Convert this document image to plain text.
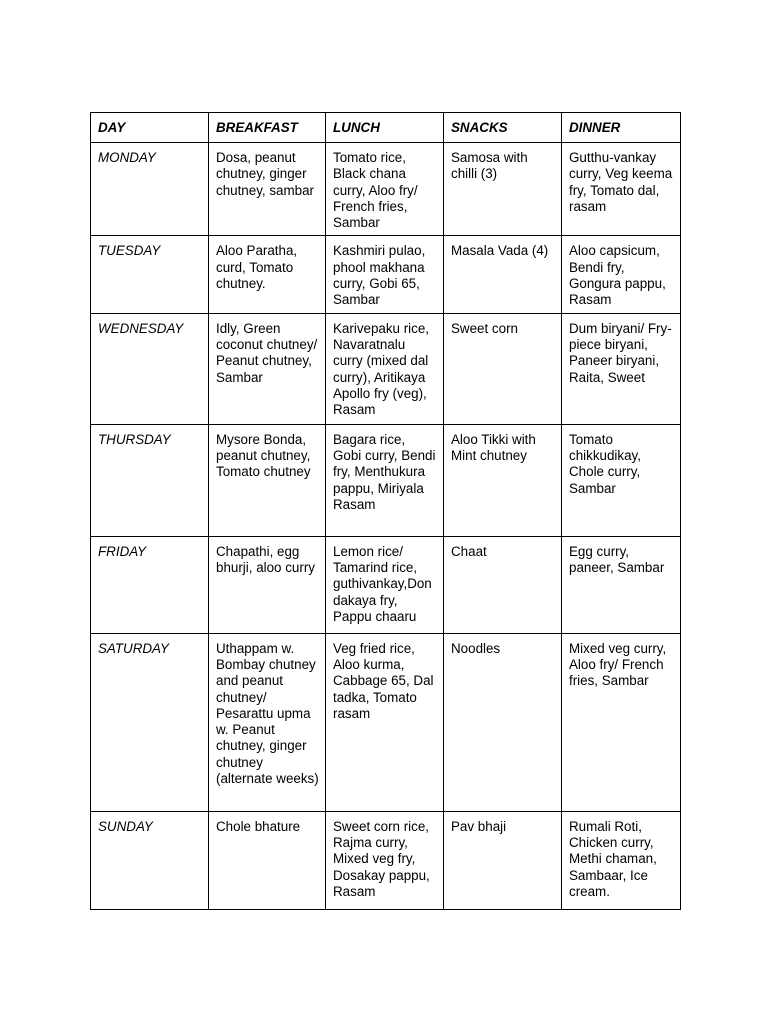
DAY	BREAKFAST	LUNCH	SNACKS	DINNER
MONDAY	Dosa, peanut chutney, ginger chutney, sambar	Tomato rice, Black chana curry, Aloo fry/ French fries, Sambar	Samosa with chilli (3)	Gutthu-vankay curry, Veg keema fry, Tomato dal, rasam
TUESDAY	Aloo Paratha, curd, Tomato chutney.	Kashmiri pulao, phool makhana curry, Gobi 65, Sambar	Masala Vada (4)	Aloo capsicum, Bendi fry, Gongura pappu, Rasam
WEDNESDAY	Idly, Green coconut chutney/ Peanut chutney, Sambar	Karivepaku rice, Navaratnalu curry (mixed dal curry), Aritikaya Apollo fry (veg), Rasam	Sweet corn	Dum biryani/ Fry-piece biryani, Paneer biryani, Raita, Sweet
THURSDAY	Mysore Bonda, peanut chutney, Tomato chutney	Bagara rice, Gobi curry, Bendi fry, Menthukura pappu, Miriyala Rasam	Aloo Tikki with Mint chutney	Tomato chikkudikay, Chole curry, Sambar
FRIDAY	Chapathi, egg bhurji, aloo curry	Lemon rice/ Tamarind rice, guthivankay,Don dakaya fry, Pappu chaaru	Chaat	Egg curry, paneer, Sambar
SATURDAY	Uthappam w. Bombay chutney and peanut chutney/ Pesarattu upma w. Peanut chutney, ginger chutney (alternate weeks)	Veg fried rice, Aloo kurma, Cabbage 65, Dal tadka, Tomato rasam	Noodles	Mixed veg curry, Aloo fry/ French fries, Sambar
SUNDAY	Chole bhature	Sweet corn rice, Rajma curry, Mixed veg fry, Dosakay pappu, Rasam	Pav bhaji	Rumali Roti, Chicken curry, Methi chaman, Sambaar, Ice cream.
